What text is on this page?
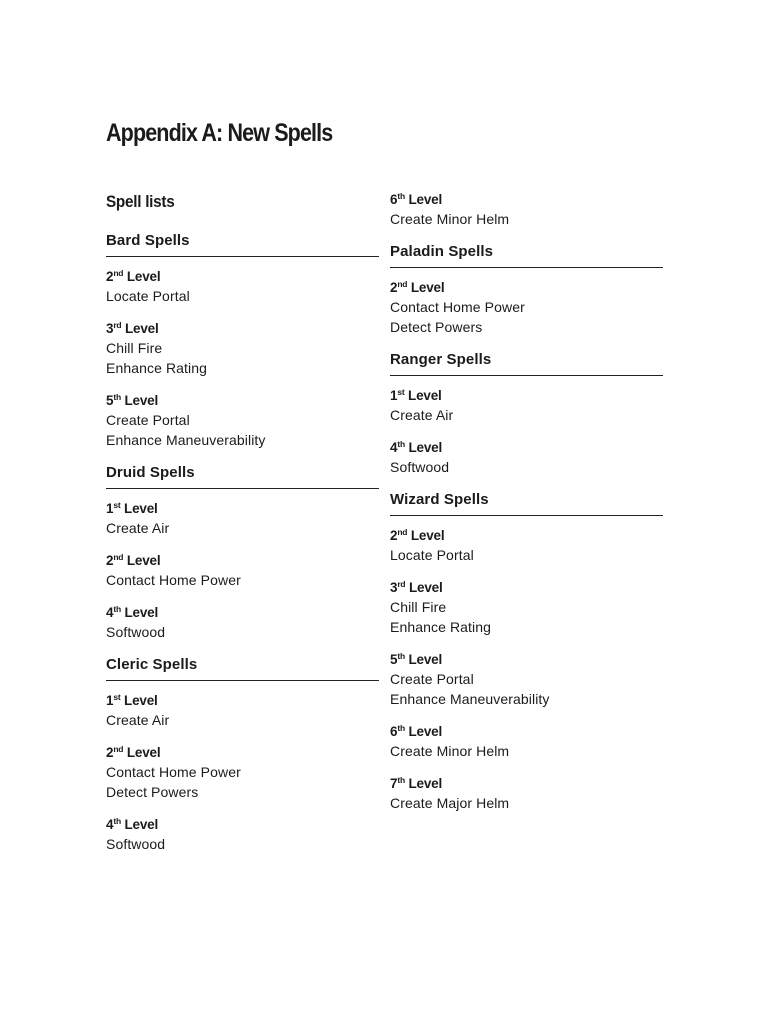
Appendix A: New Spells
Spell lists
Bard Spells
2nd Level
Locate Portal
3rd Level
Chill Fire
Enhance Rating
5th Level
Create Portal
Enhance Maneuverability
Druid Spells
1st Level
Create Air
2nd Level
Contact Home Power
4th Level
Softwood
Cleric Spells
1st Level
Create Air
2nd Level
Contact Home Power
Detect Powers
4th Level
Softwood
6th Level
Create Minor Helm
Paladin Spells
2nd Level
Contact Home Power
Detect Powers
Ranger Spells
1st Level
Create Air
4th Level
Softwood
Wizard Spells
2nd Level
Locate Portal
3rd Level
Chill Fire
Enhance Rating
5th Level
Create Portal
Enhance Maneuverability
6th Level
Create Minor Helm
7th Level
Create Major Helm
